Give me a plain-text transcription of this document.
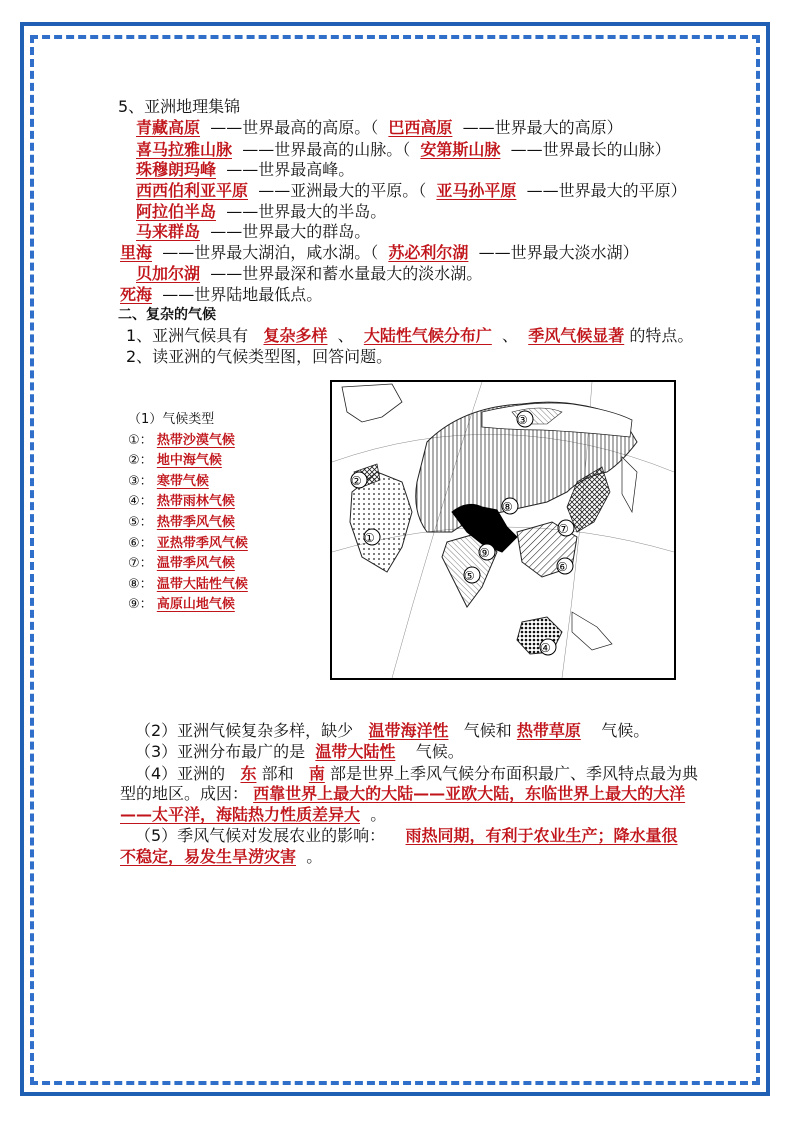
5、亚洲地理集锦
青藏高原 ——世界最高的高原。（ 巴西高原 ——世界最大的高原）
喜马拉雅山脉 ——世界最高的山脉。（ 安第斯山脉 ——世界最长的山脉）
珠穆朗玛峰 ——世界最高峰。
西西伯利亚平原 ——亚洲最大的平原。（ 亚马孙平原 ——世界最大的平原）
阿拉伯半岛 ——世界最大的半岛。
马来群岛 ——世界最大的群岛。
里海 ——世界最大湖泊，咸水湖。（ 苏必利尔湖 ——世界最大淡水湖）
贝加尔湖 ——世界最深和蓄水量最大的淡水湖。
死海 ——世界陆地最低点。
二、复杂的气候
1、亚洲气候具有 复杂多样 、 大陆性气候分布广 、 季风气候显著 的特点。
2、读亚洲的气候类型图，回答问题。
（1）气候类型
①： 热带沙漠气候
②： 地中海气候
③： 寒带气候
④： 热带雨林气候
⑤： 热带季风气候
⑥： 亚热带季风气候
⑦： 温带季风气候
⑧： 温带大陆性气候
⑨： 高原山地气候
①
②
③
④
⑤
⑥
⑦
⑧
⑨
（2）亚洲气候复杂多样，缺少 温带海洋性 气候和 热带草原 气候。
（3）亚洲分布最广的是 温带大陆性 气候。
（4）亚洲的 东 部和 南 部是世界上季风气候分布面积最广、季风特点最为典
型的地区。成因： 西靠世界上最大的大陆——亚欧大陆，东临世界上最大的大洋
——太平洋，海陆热力性质差异大 。
（5）季风气候对发展农业的影响： 雨热同期，有利于农业生产；降水量很
不稳定，易发生旱涝灾害 。
